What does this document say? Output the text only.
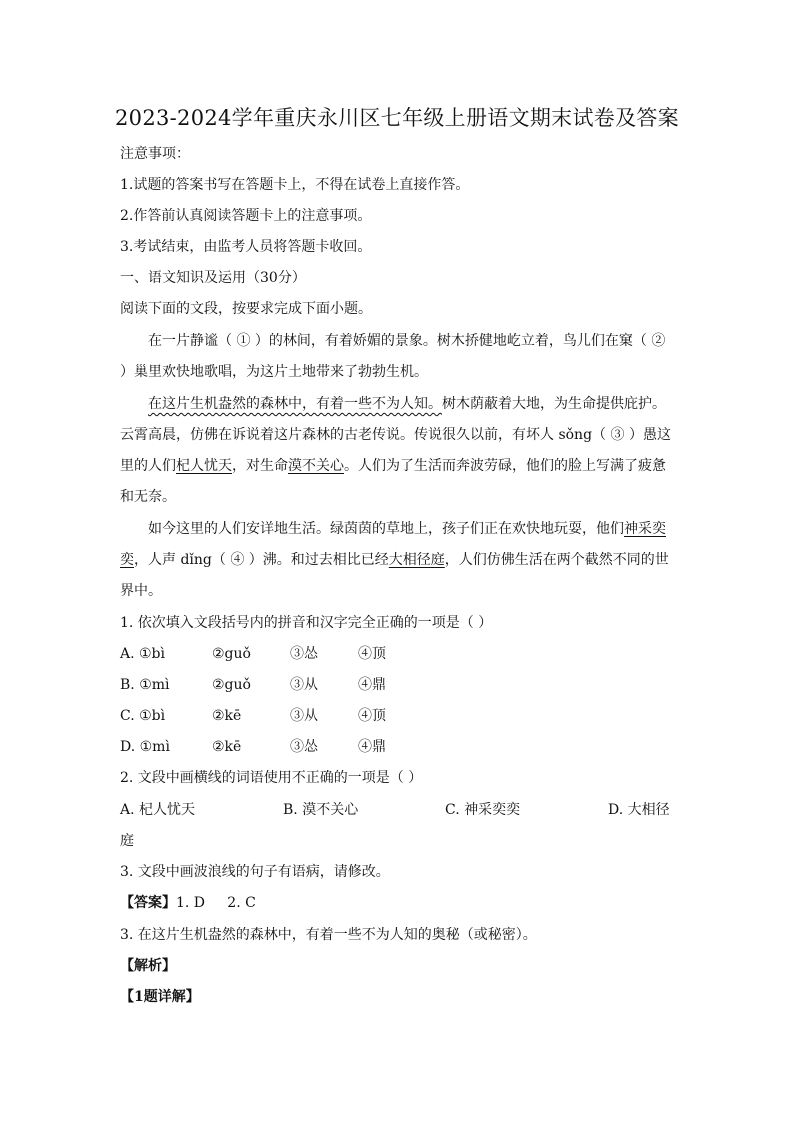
2023-2024学年重庆永川区七年级上册语文期末试卷及答案
注意事项：
1.试题的答案书写在答题卡上，不得在试卷上直接作答。
2.作答前认真阅读答题卡上的注意事项。
3.考试结束，由监考人员将答题卡收回。
一、语文知识及运用（30分）
阅读下面的文段，按要求完成下面小题。
在一片静谧（ ① ）的林间，有着娇媚的景象。树木挢健地屹立着，鸟儿们在窠（ ②
）巢里欢快地歌唱，为这片土地带来了勃勃生机。
在这片生机盎然的森林中，有着一些不为人知。树木荫蔽着大地，为生命提供庇护。
云霄高晨，仿佛在诉说着这片森林的古老传说。传说很久以前，有坏人 sǒng（ ③ ）愚这
里的人们杞人忧天，对生命漠不关心。人们为了生活而奔波劳碌，他们的脸上写满了疲惫
和无奈。
如今这里的人们安详地生活。绿茵茵的草地上，孩子们正在欢快地玩耍，他们神采奕
奕，人声 dǐng（ ④ ）沸。和过去相比已经大相径庭，人们仿佛生活在两个截然不同的世
界中。
1. 依次填入文段括号内的拼音和汉字完全正确的一项是（ ）
A. ①bì	②guǒ	③怂	④顶
B. ①mì	②guǒ	③从	④鼎
C. ①bì	②kē	③从	④顶
D. ①mì	②kē	③怂	④鼎
2. 文段中画横线的词语使用不正确的一项是（ ）
A. 杞人忧天	B. 漠不关心	C. 神采奕奕	D. 大相径
庭
3. 文段中画波浪线的句子有语病，请修改。
【答案】1. D     2. C
3. 在这片生机盎然的森林中，有着一些不为人知的奥秘（或秘密）。
【解析】
【1题详解】
